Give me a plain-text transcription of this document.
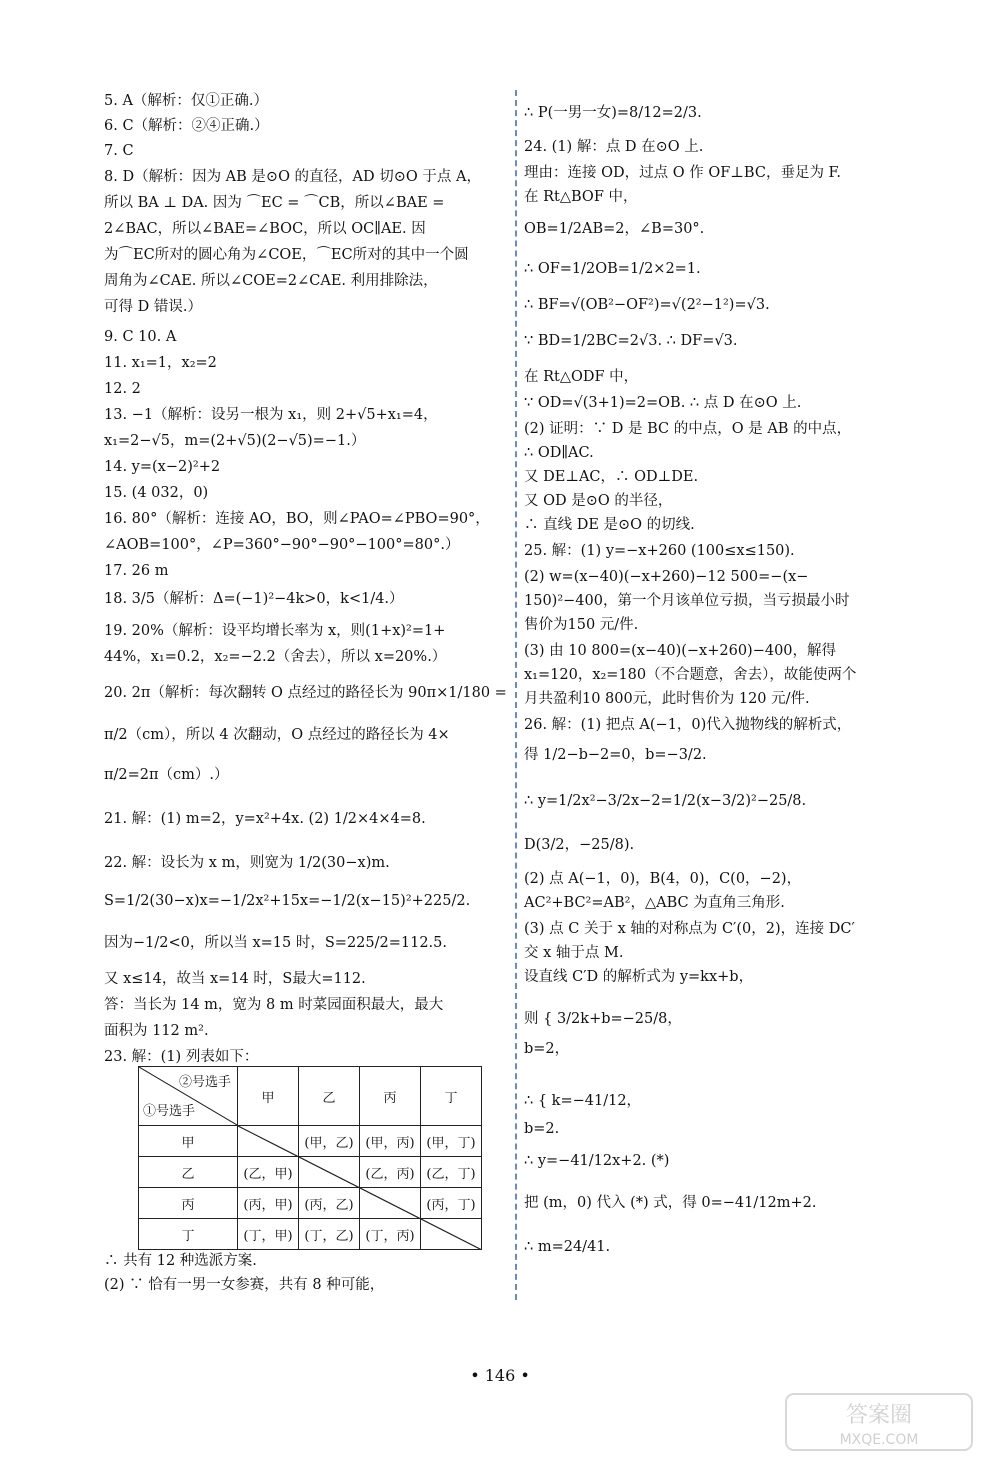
5. A（解析：仅①正确.）
6. C（解析：②④正确.）
7. C
8. D（解析：因为 AB 是⊙O 的直径，AD 切⊙O 于点 A，
所以 BA ⊥ DA. 因为 ⌒EC = ⌒CB，所以∠BAE =
2∠BAC，所以∠BAE=∠BOC，所以 OC∥AE. 因
为⌒EC所对的圆心角为∠COE，⌒EC所对的其中一个圆
周角为∠CAE. 所以∠COE=2∠CAE. 利用排除法，
可得 D 错误.）
9. C 10. A
11. x₁=1，x₂=2
12. 2
13. −1（解析：设另一根为 x₁，则 2+√5+x₁=4，
x₁=2−√5，m=(2+√5)(2−√5)=−1.）
14. y=(x−2)²+2
15. (4 032，0)
16. 80°（解析：连接 AO，BO，则∠PAO=∠PBO=90°，
∠AOB=100°，∠P=360°−90°−90°−100°=80°.）
17. 26 m
18. 3/5（解析：Δ=(−1)²−4k>0，k<1/4.）
19. 20%（解析：设平均增长率为 x，则(1+x)²=1+
44%，x₁=0.2，x₂=−2.2（舍去），所以 x=20%.）
20. 2π（解析：每次翻转 O 点经过的路径长为 90π×1/180 =
π/2（cm），所以 4 次翻动，O 点经过的路径长为 4×
π/2=2π（cm）.）
21. 解：(1) m=2，y=x²+4x. (2) 1/2×4×4=8.
22. 解：设长为 x m，则宽为 1/2(30−x)m.
S=1/2(30−x)x=−1/2x²+15x=−1/2(x−15)²+225/2.
因为−1/2<0，所以当 x=15 时，S=225/2=112.5.
又 x≤14，故当 x=14 时，S最大=112.
答：当长为 14 m，宽为 8 m 时菜园面积最大，最大
面积为 112 m².
23. 解：(1) 列表如下：
∴ 共有 12 种选派方案.
(2) ∵ 恰有一男一女参赛，共有 8 种可能，
∴ P(一男一女)=8/12=2/3.
24. (1) 解：点 D 在⊙O 上.
理由：连接 OD，过点 O 作 OF⊥BC，垂足为 F.
在 Rt△BOF 中，
OB=1/2AB=2，∠B=30°.
∴ OF=1/2OB=1/2×2=1.
∴ BF=√(OB²−OF²)=√(2²−1²)=√3.
∵ BD=1/2BC=2√3. ∴ DF=√3.
在 Rt△ODF 中，
∵ OD=√(3+1)=2=OB. ∴ 点 D 在⊙O 上.
(2) 证明：∵ D 是 BC 的中点，O 是 AB 的中点，
∴ OD∥AC.
又 DE⊥AC，∴ OD⊥DE.
又 OD 是⊙O 的半径，
∴ 直线 DE 是⊙O 的切线.
25. 解：(1) y=−x+260 (100≤x≤150).
(2) w=(x−40)(−x+260)−12 500=−(x−
150)²−400，第一个月该单位亏损，当亏损最小时
售价为150 元/件.
(3) 由 10 800=(x−40)(−x+260)−400，解得
x₁=120，x₂=180（不合题意，舍去），故能使两个
月共盈利10 800元，此时售价为 120 元/件.
26. 解：(1) 把点 A(−1，0)代入抛物线的解析式，
得 1/2−b−2=0，b=−3/2.
∴ y=1/2x²−3/2x−2=1/2(x−3/2)²−25/8.
D(3/2，−25/8).
(2) 点 A(−1，0)，B(4，0)，C(0，−2)，
AC²+BC²=AB²，△ABC 为直角三角形.
(3) 点 C 关于 x 轴的对称点为 C′(0，2)，连接 DC′
交 x 轴于点 M.
设直线 C′D 的解析式为 y=kx+b，
则 { 3/2k+b=−25/8，
b=2，
∴ { k=−41/12，
b=2.
∴ y=−41/12x+2. (*)
把 (m，0) 代入 (*) 式，得 0=−41/12m+2.
∴ m=24/41.
②号选手
①号选手	甲	乙	丙	丁
甲		(甲，乙)	(甲，丙)	(甲，丁)
乙	(乙，甲)		(乙，丙)	(乙，丁)
丙	(丙，甲)	(丙，乙)		(丙，丁)
丁	(丁，甲)	(丁，乙)	(丁，丙)	
• 146 •
答案圈
MXQE.COM
